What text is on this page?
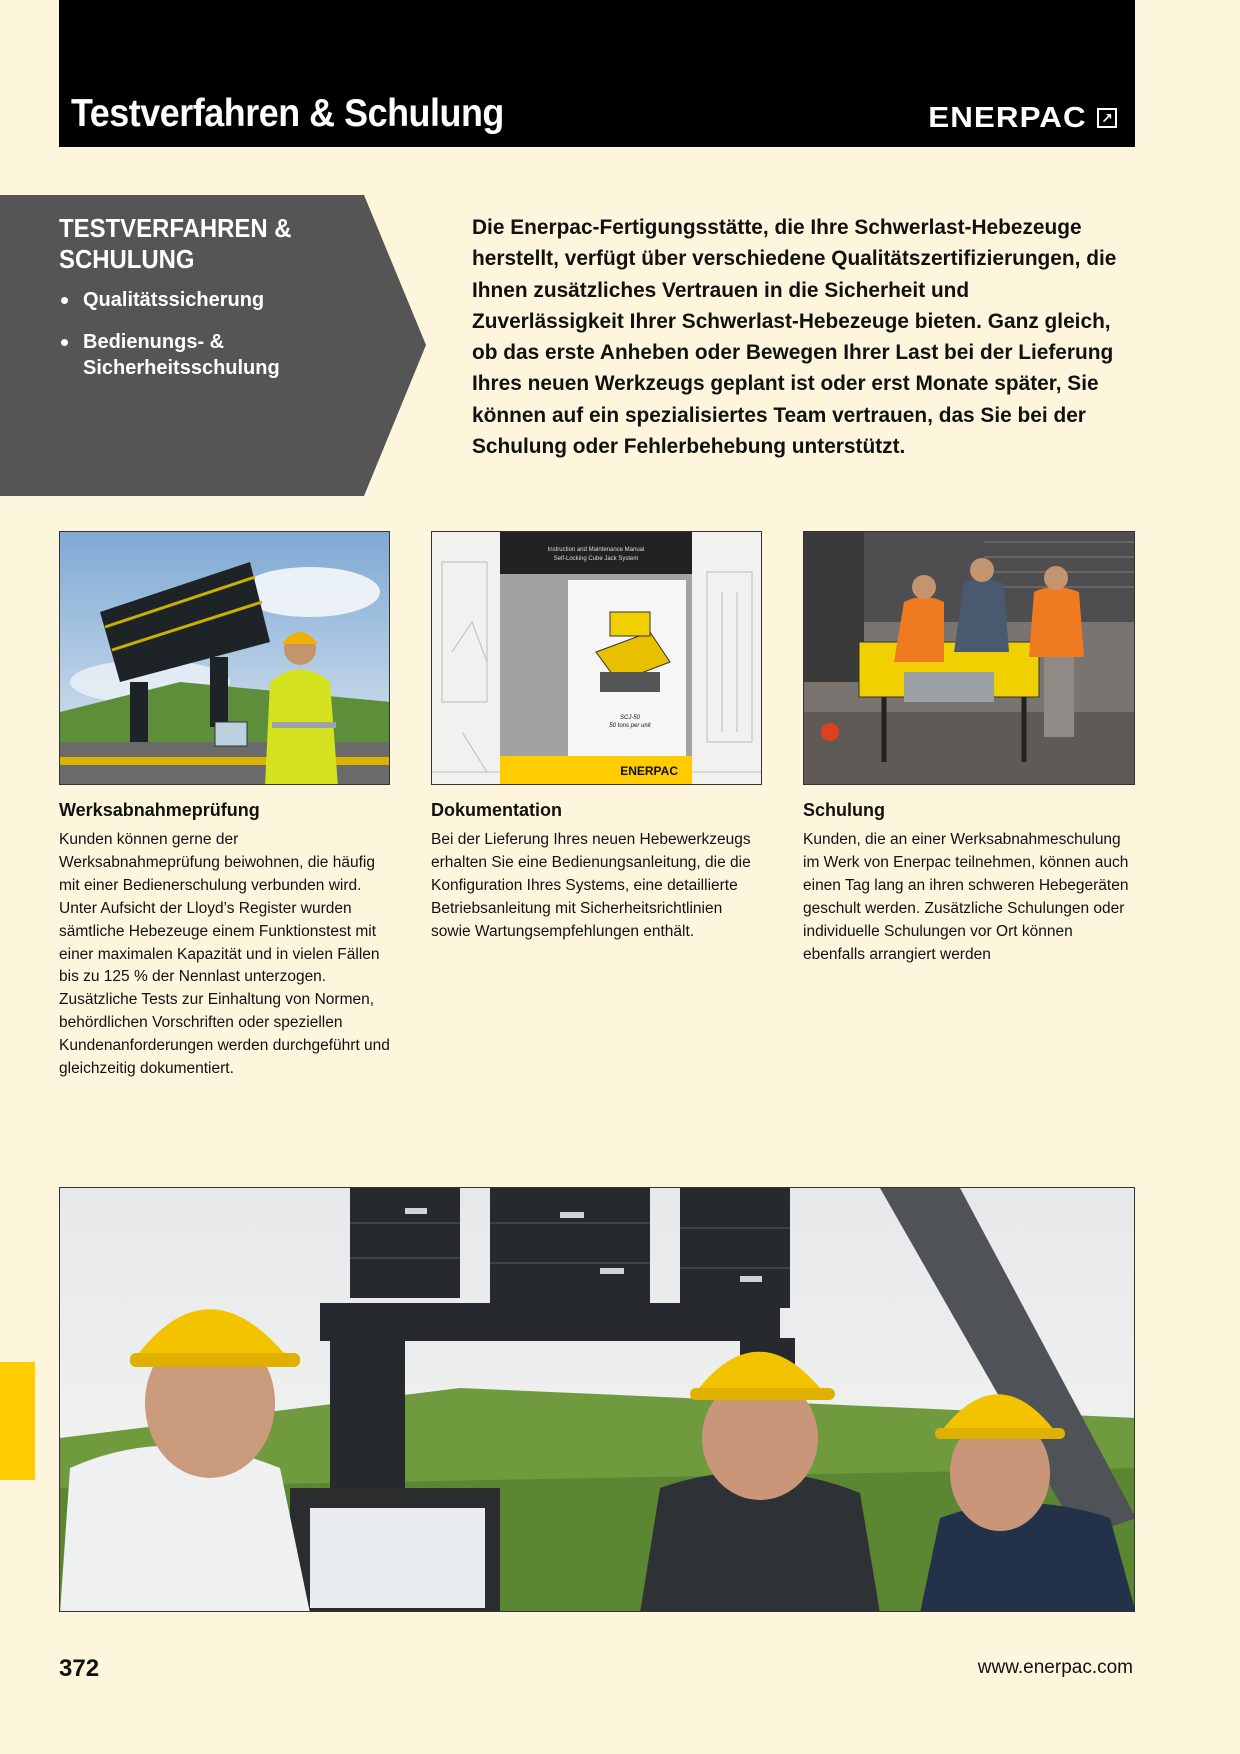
Testverfahren & Schulung	ENERPAC ↗
TESTVERFAHREN &
SCHULUNG
Qualitätssicherung
Bedienungs- &
Sicherheitsschulung
Die Enerpac-Fertigungsstätte, die Ihre Schwerlast-Hebezeuge herstellt, verfügt über verschiedene Qualitätszertifizierungen, die Ihnen zusätzliches Vertrauen in die Sicherheit und Zuverlässigkeit Ihrer Schwerlast-Hebezeuge bieten. Ganz gleich, ob das erste Anheben oder Bewegen Ihrer Last bei der Lieferung Ihres neuen Werkzeugs geplant ist oder erst Monate später, Sie können auf ein spezialisiertes Team vertrauen, das Sie bei der Schulung oder Fehlerbehebung unterstützt.
Instruction and Maintenance Manual
Self-Locking Cube Jack System
SCJ-50
50 tons per unit
ENERPAC
Werksabnahmeprüfung
Kunden können gerne der Werksabnahmeprüfung beiwohnen, die häufig mit einer Bedienerschulung verbunden wird. Unter Aufsicht der Lloyd’s Register wurden sämtliche Hebezeuge einem Funktionstest mit einer maximalen Kapazität und in vielen Fällen bis zu 125 % der Nennlast unterzogen. Zusätzliche Tests zur Einhaltung von Normen, behördlichen Vorschriften oder speziellen Kundenanforderungen werden durchgeführt und gleichzeitig dokumentiert.
Dokumentation
Bei der Lieferung Ihres neuen Hebewerkzeugs erhalten Sie eine Bedienungsanleitung, die die Konfiguration Ihres Systems, eine detaillierte Betriebsanleitung mit Sicherheitsrichtlinien sowie Wartungsempfehlungen enthält.
Schulung
Kunden, die an einer Werksabnahmeschulung im Werk von Enerpac teilnehmen, können auch einen Tag lang an ihren schweren Hebegeräten geschult werden. Zusätzliche Schulungen oder individuelle Schulungen vor Ort können ebenfalls arrangiert werden
372	www.enerpac.com
